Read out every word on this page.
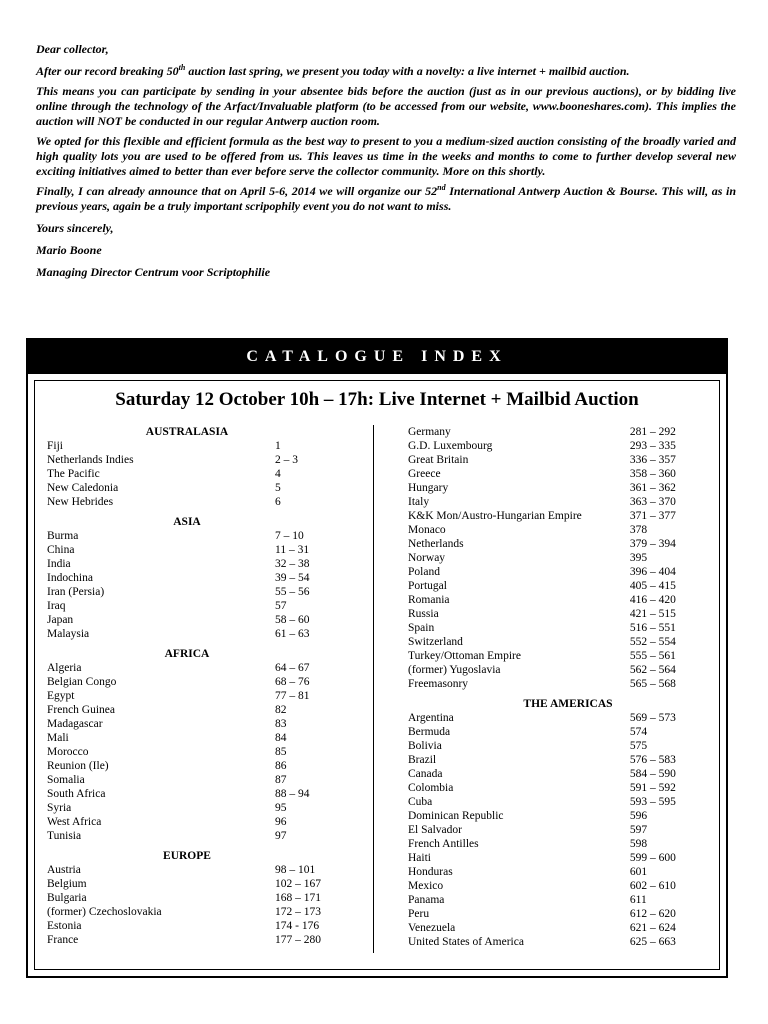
Dear collector,

After our record breaking 50th auction last spring, we present you today with a novelty: a live internet + mailbid auction.

This means you can participate by sending in your absentee bids before the auction (just as in our previous auctions), or by bidding live online through the technology of the Arfact/Invaluable platform (to be accessed from our website, www.booneshares.com). This implies the auction will NOT be conducted in our regular Antwerp auction room.

We opted for this flexible and efficient formula as the best way to present to you a medium-sized auction consisting of the broadly varied and high quality lots you are used to be offered from us. This leaves us time in the weeks and months to come to further develop several new exciting initiatives aimed to better than ever before serve the collector community. More on this shortly.

Finally, I can already announce that on April 5-6, 2014 we will organize our 52nd International Antwerp Auction & Bourse. This will, as in previous years, again be a truly important scripophily event you do not want to miss.

Yours sincerely,

Mario Boone

Managing Director Centrum voor Scriptophilie

CATALOGUE INDEX
Saturday 12 October 10h – 17h: Live Internet + Mailbid Auction
AUSTRALASIA
Fiji	1
Netherlands Indies	2 – 3
The Pacific	4
New Caledonia	5
New Hebrides	6
ASIA
Burma	7 – 10
China	11 – 31
India	32 – 38
Indochina	39 – 54
Iran (Persia)	55 – 56
Iraq	57
Japan	58 – 60
Malaysia	61 – 63
AFRICA
Algeria	64 – 67
Belgian Congo	68 – 76
Egypt	77 – 81
French Guinea	82
Madagascar	83
Mali	84
Morocco	85
Reunion (Ile)	86
Somalia	87
South Africa	88 – 94
Syria	95
West Africa	96
Tunisia	97
EUROPE
Austria	98 – 101
Belgium	102 – 167
Bulgaria	168 – 171
(former) Czechoslovakia	172 – 173
Estonia	174 - 176
France	177 – 280
Germany	281 – 292
G.D. Luxembourg	293 – 335
Great Britain	336 – 357
Greece	358 – 360
Hungary	361 – 362
Italy	363 – 370
K&K Mon/Austro-Hungarian Empire	371 – 377
Monaco	378
Netherlands	379 – 394
Norway	395
Poland	396 – 404
Portugal	405 – 415
Romania	416 – 420
Russia	421 – 515
Spain	516 – 551
Switzerland	552 – 554
Turkey/Ottoman Empire	555 – 561
(former) Yugoslavia	562 – 564
Freemasonry	565 – 568
THE AMERICAS
Argentina	569 – 573
Bermuda	574
Bolivia	575
Brazil	576 – 583
Canada	584 – 590
Colombia	591 – 592
Cuba	593 – 595
Dominican Republic	596
El Salvador	597
French Antilles	598
Haiti	599 – 600
Honduras	601
Mexico	602 – 610
Panama	611
Peru	612 – 620
Venezuela	621 – 624
United States of America	625 – 663
